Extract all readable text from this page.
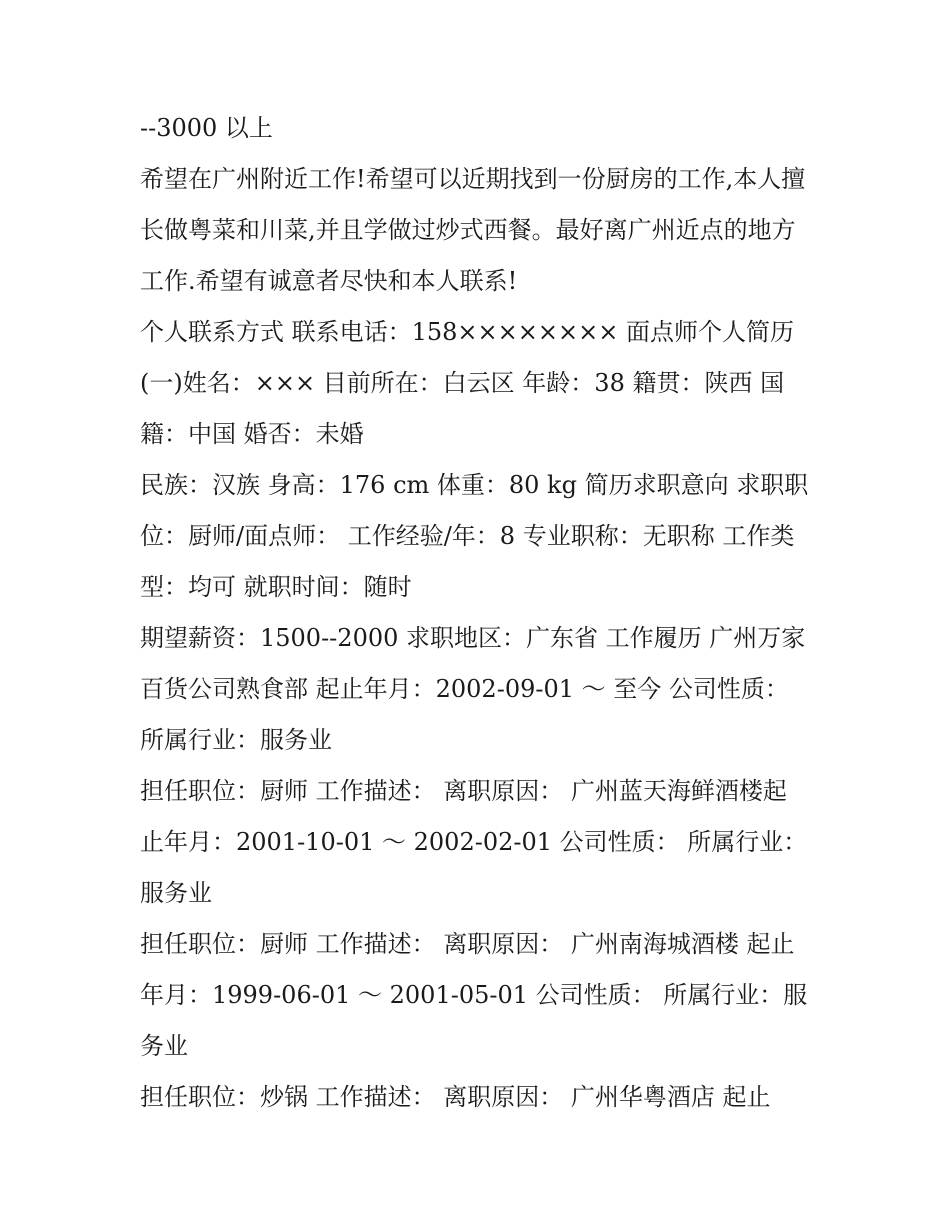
--3000 以上

希望在广州附近工作!希望可以近期找到一份厨房的工作,本人擅长做粤菜和川菜,并且学做过炒式西餐。最好离广州近点的地方工作.希望有诚意者尽快和本人联系!

个人联系方式 联系电话：158×××××××× 面点师个人简历(一)姓名：××× 目前所在：白云区 年龄：38 籍贯：陕西 国籍：中国 婚否：未婚

民族：汉族 身高：176 cm 体重：80 kg 简历求职意向 求职职位：厨师/面点师： 工作经验/年：8 专业职称：无职称 工作类型：均可 就职时间：随时

期望薪资：1500--2000 求职地区：广东省 工作履历 广州万家百货公司熟食部 起止年月：2002-09-01 ～ 至今 公司性质： 所属行业：服务业

担任职位：厨师 工作描述： 离职原因： 广州蓝天海鲜酒楼起止年月：2001-10-01 ～ 2002-02-01 公司性质： 所属行业：服务业

担任职位：厨师 工作描述： 离职原因： 广州南海城酒楼 起止年月：1999-06-01 ～ 2001-05-01 公司性质： 所属行业：服务业

担任职位：炒锅 工作描述： 离职原因： 广州华粤酒店 起止
